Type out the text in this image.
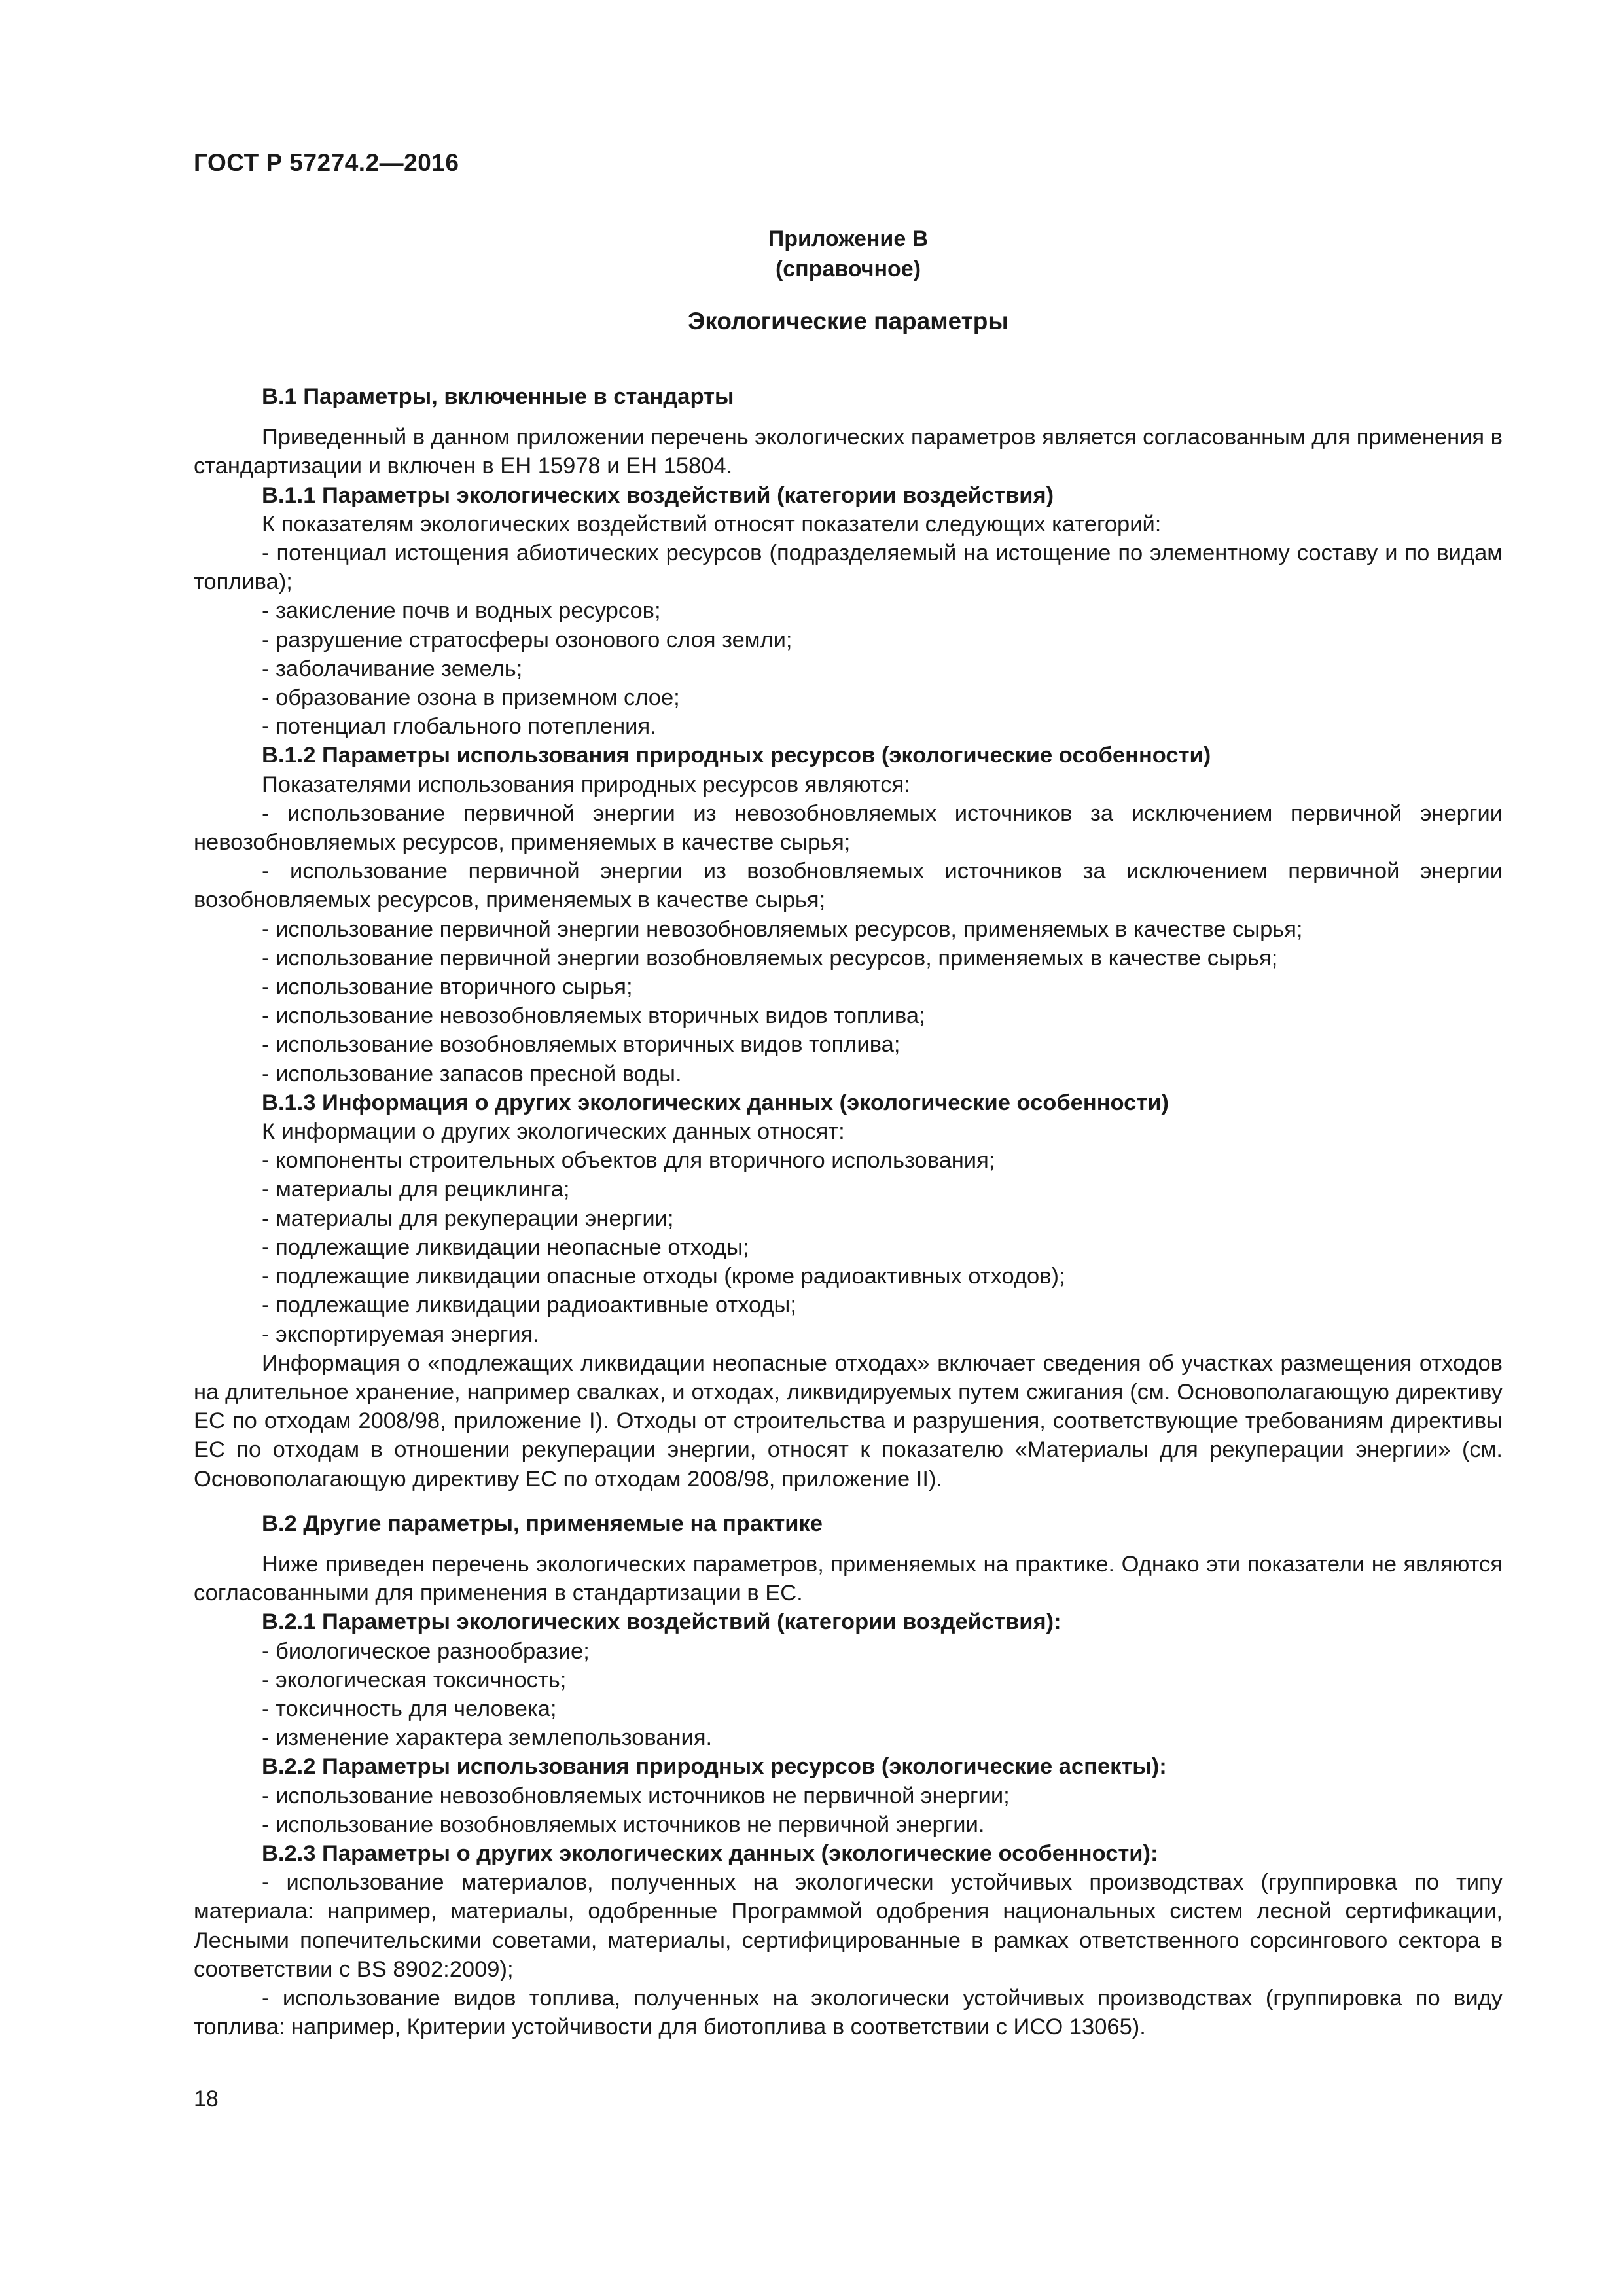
ГОСТ Р 57274.2—2016
Приложение В
(справочное)
Экологические параметры

В.1 Параметры, включенные в стандарты

Приведенный в данном приложении перечень экологических параметров является согласованным для применения в стандартизации и включен в ЕН 15978 и ЕН 15804.

В.1.1 Параметры экологических воздействий (категории воздействия)

К показателям экологических воздействий относят показатели следующих категорий:

- потенциал истощения абиотических ресурсов (подразделяемый на истощение по элементному составу и по видам топлива);

- закисление почв и водных ресурсов;

- разрушение стратосферы озонового слоя земли;

- заболачивание земель;

- образование озона в приземном слое;

- потенциал глобального потепления.

В.1.2 Параметры использования природных ресурсов (экологические особенности)

Показателями использования природных ресурсов являются:

- использование первичной энергии из невозобновляемых источников за исключением первичной энергии невозобновляемых ресурсов, применяемых в качестве сырья;

- использование первичной энергии из возобновляемых источников за исключением первичной энергии возобновляемых ресурсов, применяемых в качестве сырья;

- использование первичной энергии невозобновляемых ресурсов, применяемых в качестве сырья;

- использование первичной энергии возобновляемых ресурсов, применяемых в качестве сырья;

- использование вторичного сырья;

- использование невозобновляемых вторичных видов топлива;

- использование возобновляемых вторичных видов топлива;

- использование запасов пресной воды.

В.1.3 Информация о других экологических данных (экологические особенности)

К информации о других экологических данных относят:

- компоненты строительных объектов для вторичного использования;

- материалы для рециклинга;

- материалы для рекуперации энергии;

- подлежащие ликвидации неопасные отходы;

- подлежащие ликвидации опасные отходы (кроме радиоактивных отходов);

- подлежащие ликвидации радиоактивные отходы;

- экспортируемая энергия.

Информация о «подлежащих ликвидации неопасные отходах» включает сведения об участках размещения отходов на длительное хранение, например свалках, и отходах, ликвидируемых путем сжигания (см. Основополагающую директиву ЕС по отходам 2008/98, приложение I). Отходы от строительства и разрушения, соответствующие требованиям директивы ЕС по отходам в отношении рекуперации энергии, относят к показателю «Материалы для рекуперации энергии» (см. Основополагающую директиву ЕС по отходам 2008/98, приложение II).

В.2 Другие параметры, применяемые на практике

Ниже приведен перечень экологических параметров, применяемых на практике. Однако эти показатели не являются согласованными для применения в стандартизации в ЕС.

В.2.1 Параметры экологических воздействий (категории воздействия):

- биологическое разнообразие;

- экологическая токсичность;

- токсичность для человека;

- изменение характера землепользования.

В.2.2 Параметры использования природных ресурсов (экологические аспекты):

- использование невозобновляемых источников не первичной энергии;

- использование возобновляемых источников не первичной энергии.

В.2.3 Параметры о других экологических данных (экологические особенности):

- использование материалов, полученных на экологически устойчивых производствах (группировка по типу материала: например, материалы, одобренные Программой одобрения национальных систем лесной сертификации, Лесными попечительскими советами, материалы, сертифицированные в рамках ответственного сорсингового сектора в соответствии с BS 8902:2009);

- использование видов топлива, полученных на экологически устойчивых производствах (группировка по виду топлива: например, Критерии устойчивости для биотоплива в соответствии с ИСО 13065).

18
